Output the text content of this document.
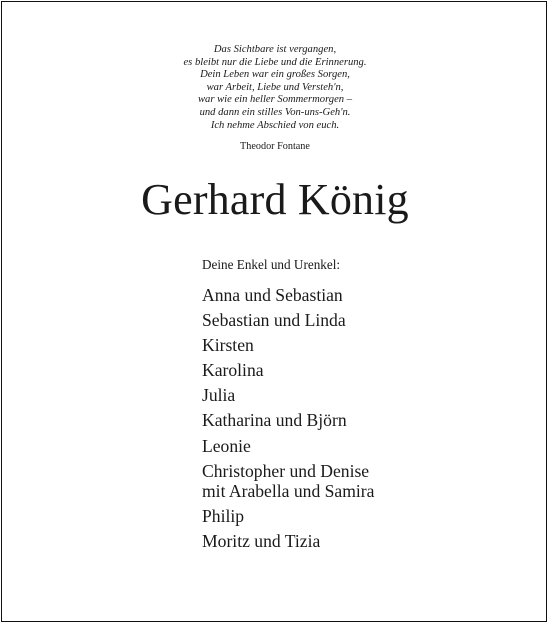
Das Sichtbare ist vergangen,
es bleibt nur die Liebe und die Erinnerung.
Dein Leben war ein großes Sorgen,
war Arbeit, Liebe und Versteh'n,
war wie ein heller Sommermorgen –
und dann ein stilles Von-uns-Geh'n.
Ich nehme Abschied von euch.
Theodor Fontane
Gerhard König
Deine Enkel und Urenkel:
Anna und Sebastian
Sebastian und Linda
Kirsten
Karolina
Julia
Katharina und Björn
Leonie
Christopher und Denise
mit Arabella und Samira
Philip
Moritz und Tizia
